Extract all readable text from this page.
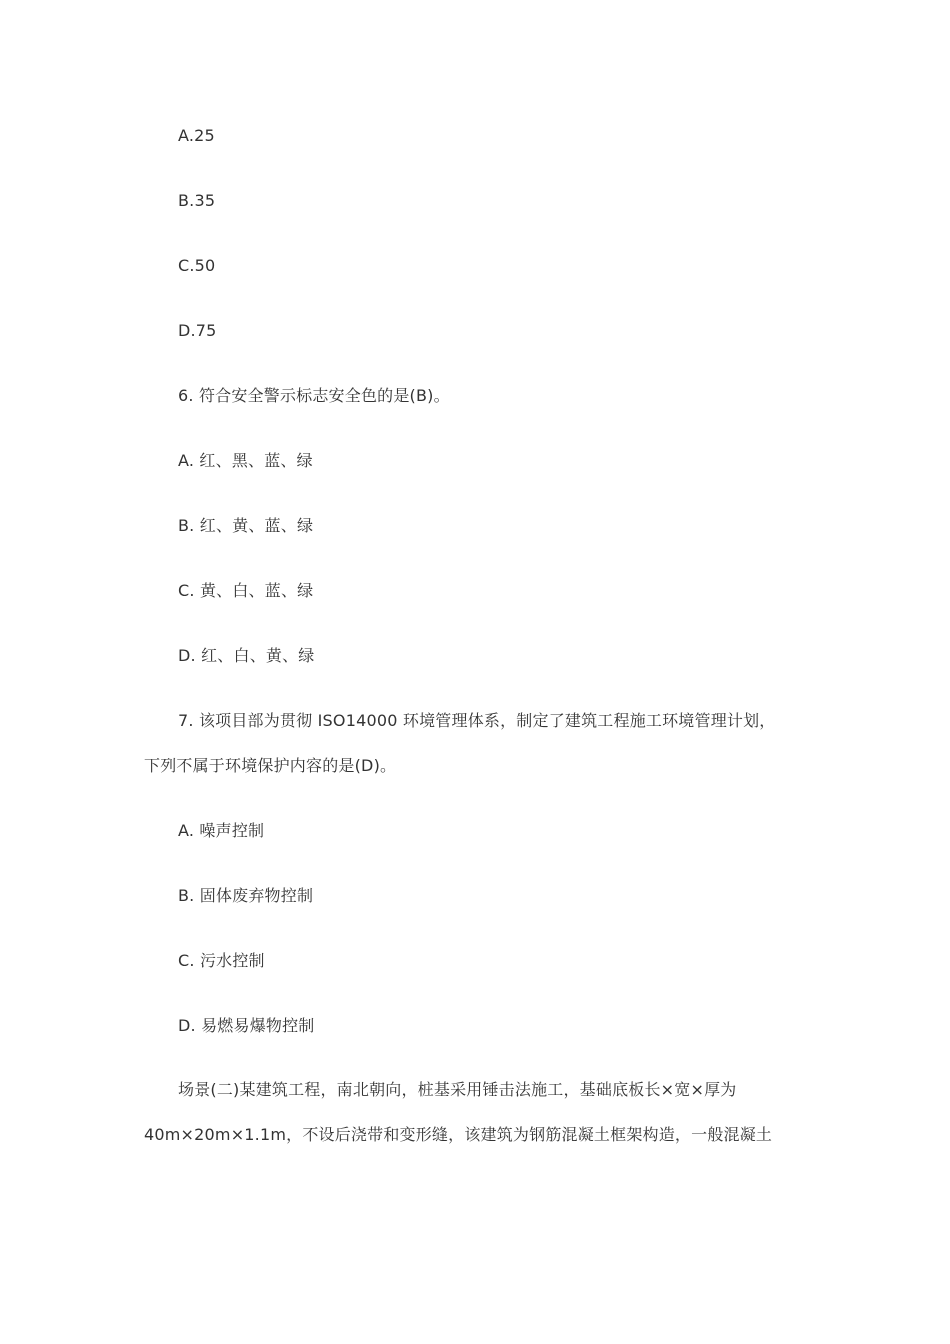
A.25
B.35
C.50
D.75
6. 符合安全警示标志安全色的是(B)。
A. 红、黑、蓝、绿
B. 红、黄、蓝、绿
C. 黄、白、蓝、绿
D. 红、白、黄、绿
7. 该项目部为贯彻 ISO14000 环境管理体系，制定了建筑工程施工环境管理计划，
下列不属于环境保护内容的是(D)。
A. 噪声控制
B. 固体废弃物控制
C. 污水控制
D. 易燃易爆物控制
场景(二)某建筑工程，南北朝向，桩基采用锤击法施工，基础底板长×宽×厚为
40m×20m×1.1m，不设后浇带和变形缝，该建筑为钢筋混凝土框架构造，一般混凝土
